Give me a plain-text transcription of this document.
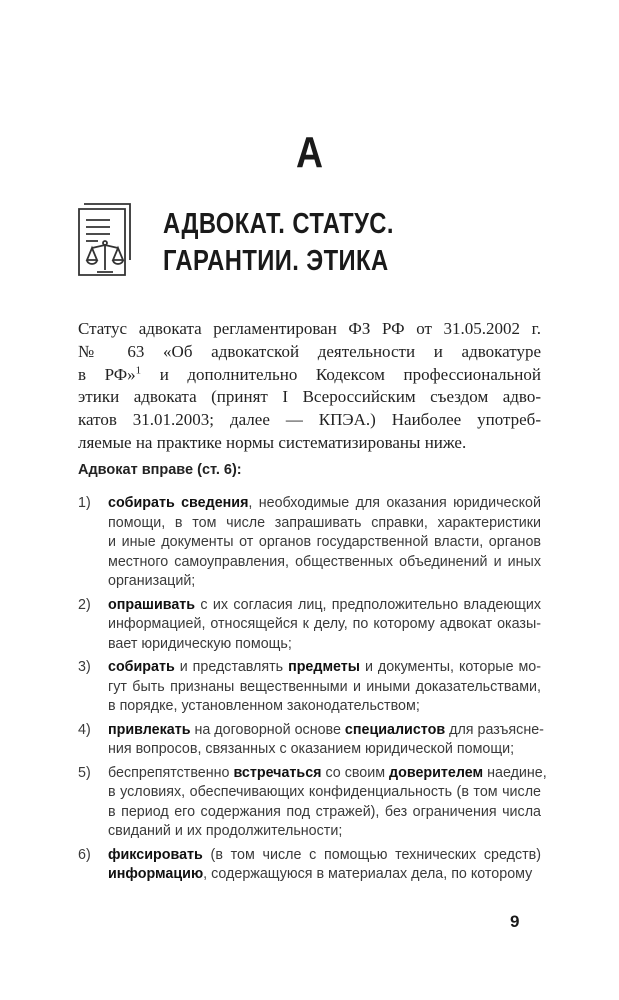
А
АДВОКАТ. СТАТУС.
ГАРАНТИИ. ЭТИКА
Статус адвоката регламентирован ФЗ РФ от 31.05.2002 г.
№ 63 «Об адвокатской деятельности и адвокатуре
в РФ»$^1$ и дополнительно Кодексом профессиональной
этики адвоката (принят I Всероссийским съездом адво-
катов 31.01.2003; далее — КПЭА.) Наиболее употреб-
ляемые на практике нормы систематизированы ниже.
Адвокат вправе (ст. 6):
1) собирать сведения, необходимые для оказания юридической
помощи, в том числе запрашивать справки, характеристики
и иные документы от органов государственной власти, органов
местного самоуправления, общественных объединений и иных
организаций;
2) опрашивать с их согласия лиц, предположительно владеющих
информацией, относящейся к делу, по которому адвокат оказы-
вает юридическую помощь;
3) собирать и представлять предметы и документы, которые мо-
гут быть признаны вещественными и иными доказательствами,
в порядке, установленном законодательством;
4) привлекать на договорной основе специалистов для разъясне-
ния вопросов, связанных с оказанием юридической помощи;
5) беспрепятственно встречаться со своим доверителем наедине,
в условиях, обеспечивающих конфиденциальность (в том числе
в период его содержания под стражей), без ограничения числа
свиданий и их продолжительности;
6) фиксировать (в том числе с помощью технических средств)
информацию, содержащуюся в материалах дела, по которому
9
